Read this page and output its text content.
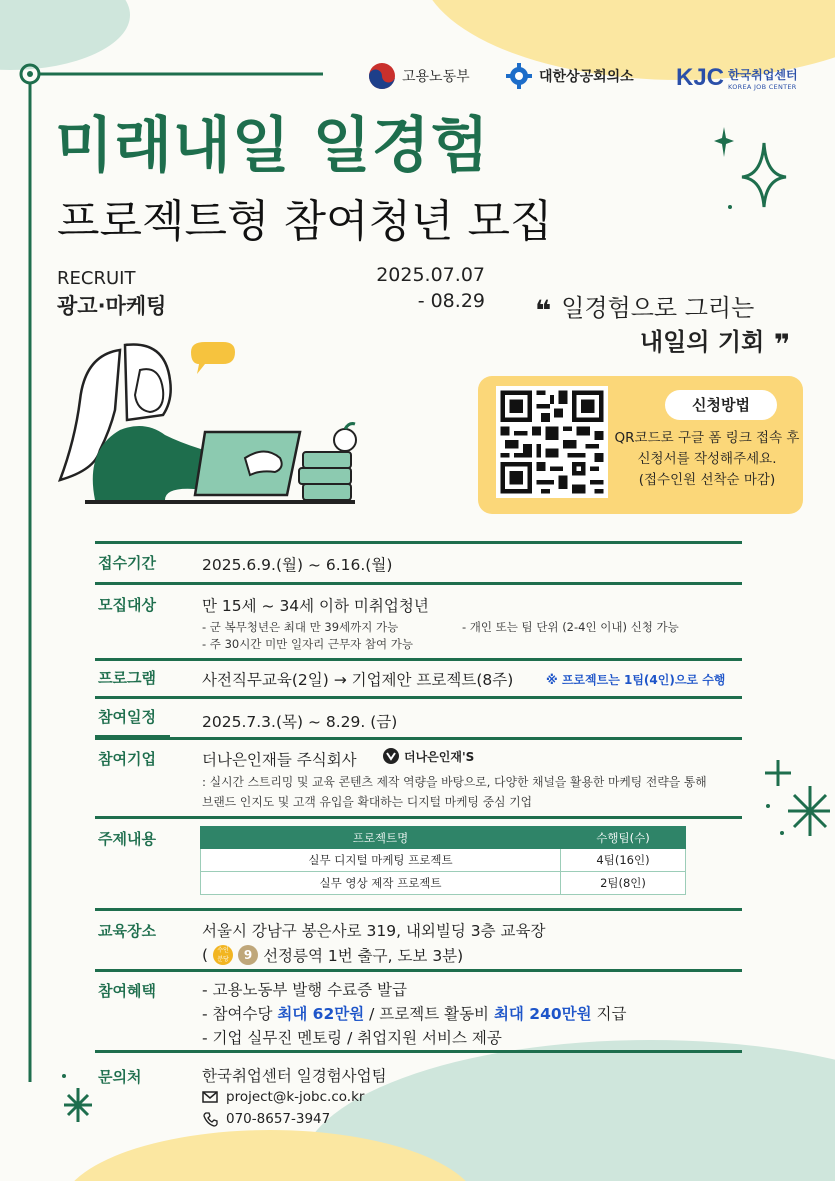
고용노동부	대한상공회의소 KJC 한국취업센터
KOREA JOB CENTER
미래내일 일경험
프로젝트형 참여청년 모집
RECRUIT
광고·마케팅
2025.07.07
- 08.29 ❝ 일경험으로 그리는
내일의 기회 ❞
신청방법
QR코드로 구글 폼 링크 접속 후
신청서를 작성해주세요.
(접수인원 선착순 마감)
접수기간	2025.6.9.(월) ~ 6.16.(월)
모집대상	만 15세 ~ 34세 이하 미취업청년
- 군 복무청년은 최대 만 39세까지 가능	- 개인 또는 팀 단위 (2-4인 이내) 신청 가능
- 주 30시간 미만 일자리 근무자 참여 가능
프로그램	사전직무교육(2일) → 기업제안 프로젝트(8주)	※ 프로젝트는 1팀(4인)으로 수행
참여일정	2025.7.3.(목) ~ 8.29. (금)
참여기업	더나은인재들 주식회사	더나은인재'S
: 실시간 스트리밍 및 교육 콘텐츠 제작 역량을 바탕으로, 다양한 채널을 활용한 마케팅 전략을 통해
브랜드 인지도 및 고객 유입을 확대하는 디지털 마케팅 중심 기업
주제내용	프로젝트명	수행팀(수)
실무 디지털 마케팅 프로젝트	4팀(16인)
실무 영상 제작 프로젝트	2팀(8인)
교육장소	서울시 강남구 봉은사로 319, 내외빌딩 3층 교육장
(	수인
분당	9 선정릉역 1번 출구, 도보 3분)
참여혜택	- 고용노동부 발행 수료증 발급
- 참여수당 최대 62만원 / 프로젝트 활동비 최대 240만원 지급
- 기업 실무진 멘토링 / 취업지원 서비스 제공
문의처	한국취업센터 일경험사업팀
project@k-jobc.co.kr
070-8657-3947
